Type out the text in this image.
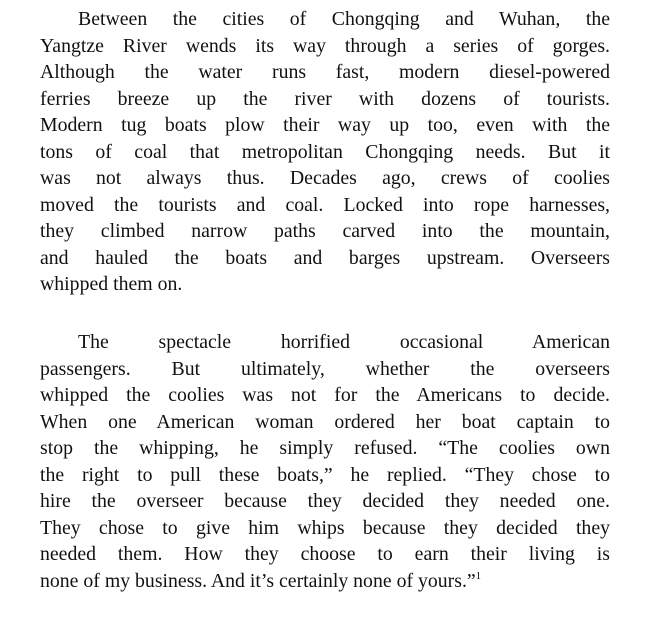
Between the cities of Chongqing and Wuhan, the
Yangtze River wends its way through a series of gorges.
Although the water runs fast, modern diesel-powered
ferries breeze up the river with dozens of tourists.
Modern tug boats plow their way up too, even with the
tons of coal that metropolitan Chongqing needs. But it
was not always thus. Decades ago, crews of coolies
moved the tourists and coal. Locked into rope harnesses,
they climbed narrow paths carved into the mountain,
and hauled the boats and barges upstream. Overseers
whipped them on.
The spectacle horrified occasional American
passengers. But ultimately, whether the overseers
whipped the coolies was not for the Americans to decide.
When one American woman ordered her boat captain to
stop the whipping, he simply refused. “The coolies own
the right to pull these boats,” he replied. “They chose to
hire the overseer because they decided they needed one.
They chose to give him whips because they decided they
needed them. How they choose to earn their living is
none of my business. And it’s certainly none of yours.”$^1$
